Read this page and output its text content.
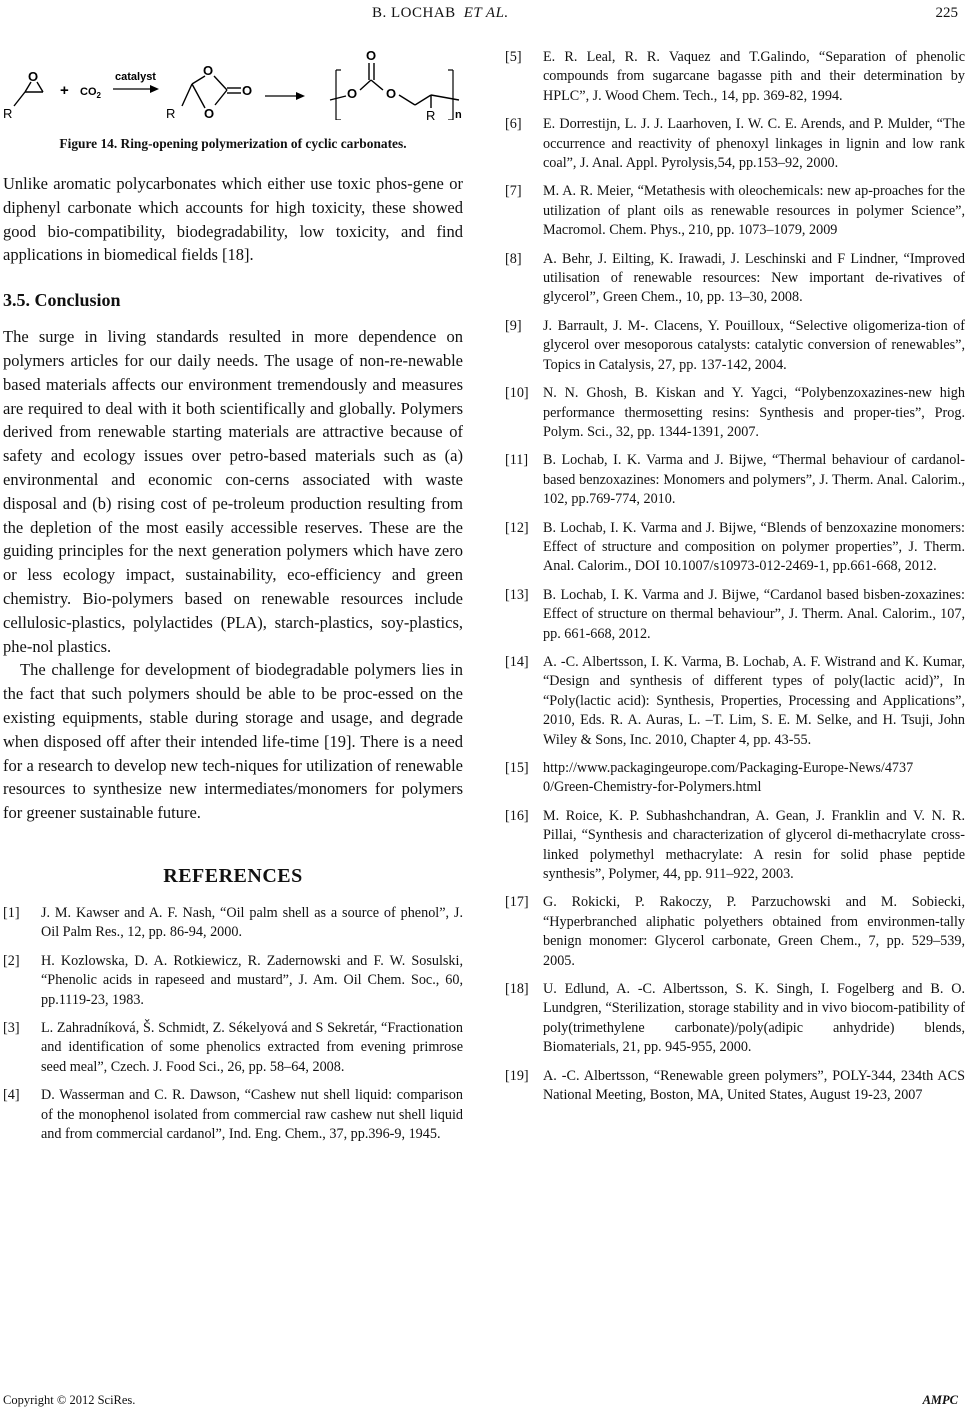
B. LOCHAB ET AL.	225
O
R
+ $CO_2$
catalyst	O
O
O
R
O
O O
R n
Figure 14. Ring-opening polymerization of cyclic carbonates.

Unlike aromatic polycarbonates which either use toxic phos-gene or diphenyl carbonate which accounts for high toxicity, these showed good bio-compatibility, biodegradability, low toxicity, and find applications in biomedical fields [18].

3.5. Conclusion

The surge in living standards resulted in more dependence on polymers articles for our daily needs. The usage of non-re-newable based materials affects our environment tremendously and measures are required to deal with it both scientifically and globally. Polymers derived from renewable starting materials are attractive because of safety and ecology issues over petro-based materials such as (a) environmental and economic con-cerns associated with waste disposal and (b) rising cost of pe-troleum production resulting from the depletion of the most easily accessible reserves. These are the guiding principles for the next generation polymers which have zero or less ecology impact, sustainability, eco-efficiency and green chemistry. Bio-polymers based on renewable resources include cellulosic-plastics, polylactides (PLA), starch-plastics, soy-plastics, phe-nol plastics.

The challenge for development of biodegradable polymers lies in the fact that such polymers should be able to be proc-essed on the existing equipments, stable during storage and usage, and degrade when disposed off after their intended life-time [19]. There is a need for a research to develop new tech-niques for utilization of renewable resources to synthesize new intermediates/monomers for polymers for greener sustainable future.

REFERENCES
[1]	J. M. Kawser and A. F. Nash, “Oil palm shell as a source of phenol”, J. Oil Palm Res., 12, pp. 86-94, 2000.
[2]	H. Kozlowska, D. A. Rotkiewicz, R. Zadernowski and F. W. Sosulski, “Phenolic acids in rapeseed and mustard”, J. Am. Oil Chem. Soc., 60, pp.1119-23, 1983.
[3]	L. Zahradníková, Š. Schmidt, Z. Sékelyová and S Sekretár, “Fractionation and identification of some phenolics extracted from evening primrose seed meal”, Czech. J. Food Sci., 26, pp. 58–64, 2008.
[4]	D. Wasserman and C. R. Dawson, “Cashew nut shell liquid: comparison of the monophenol isolated from commercial raw cashew nut shell liquid and from commercial cardanol”, Ind. Eng. Chem., 37, pp.396-9, 1945.
[5]	E. R. Leal, R. R. Vaquez and T.Galindo, “Separation of phenolic compounds from sugarcane bagasse pith and their determination by HPLC”, J. Wood Chem. Tech., 14, pp. 369-82, 1994.
[6]	E. Dorrestijn, L. J. J. Laarhoven, I. W. C. E. Arends, and P. Mulder, “The occurrence and reactivity of phenoxyl linkages in lignin and low rank coal”, J. Anal. Appl. Pyrolysis,54, pp.153–92, 2000.
[7]	M. A. R. Meier, “Metathesis with oleochemicals: new ap-proaches for the utilization of plant oils as renewable resources in polymer Science”, Macromol. Chem. Phys., 210, pp. 1073–1079, 2009
[8]	A. Behr, J. Eilting, K. Irawadi, J. Leschinski and F Lindner, “Improved utilisation of renewable resources: New important de-rivatives of glycerol”, Green Chem., 10, pp. 13–30, 2008.
[9]	J. Barrault, J. M-. Clacens, Y. Pouilloux, “Selective oligomeriza-tion of glycerol over mesoporous catalysts: catalytic conversion of renewables”, Topics in Catalysis, 27, pp. 137-142, 2004.
[10]	N. N. Ghosh, B. Kiskan and Y. Yagci, “Polybenzoxazines-new high performance thermosetting resins: Synthesis and proper-ties”, Prog. Polym. Sci., 32, pp. 1344-1391, 2007.
[11]	B. Lochab, I. K. Varma and J. Bijwe, “Thermal behaviour of cardanol-based benzoxazines: Monomers and polymers”, J. Therm. Anal. Calorim., 102, pp.769-774, 2010.
[12]	B. Lochab, I. K. Varma and J. Bijwe, “Blends of benzoxazine monomers: Effect of structure and composition on polymer properties”, J. Therm. Anal. Calorim., DOI 10.1007/s10973-012-2469-1, pp.661-668, 2012.
[13]	B. Lochab, I. K. Varma and J. Bijwe, “Cardanol based bisben-zoxazines: Effect of structure on thermal behaviour”, J. Therm. Anal. Calorim., 107, pp. 661-668, 2012.
[14]	A. -C. Albertsson, I. K. Varma, B. Lochab, A. F. Wistrand and K. Kumar, “Design and synthesis of different types of poly(lactic acid)”, In “Poly(lactic acid): Synthesis, Properties, Processing and Applications”, 2010, Eds. R. A. Auras, L. –T. Lim, S. E. M. Selke, and H. Tsuji, John Wiley & Sons, Inc. 2010, Chapter 4, pp. 43-55.
[15]	http://www.packagingeurope.com/Packaging-Europe-News/4737 0/Green-Chemistry-for-Polymers.html
[16]	M. Roice, K. P. Subhashchandran, A. Gean, J. Franklin and V. N. R. Pillai, “Synthesis and characterization of glycerol di-methacrylate cross-linked polymethyl methacrylate: A resin for solid phase peptide synthesis”, Polymer, 44, pp. 911–922, 2003.
[17]	G. Rokicki, P. Rakoczy, P. Parzuchowski and M. Sobiecki, “Hyperbranched aliphatic polyethers obtained from environmen-tally benign monomer: Glycerol carbonate, Green Chem., 7, pp. 529–539, 2005.
[18]	U. Edlund, A. -C. Albertsson, S. K. Singh, I. Fogelberg and B. O. Lundgren, “Sterilization, storage stability and in vivo biocom-patibility of poly(trimethylene carbonate)/poly(adipic anhydride) blends, Biomaterials, 21, pp. 945-955, 2000.
[19]	A. -C. Albertsson, “Renewable green polymers”, POLY-344, 234th ACS National Meeting, Boston, MA, United States, August 19-23, 2007
Copyright © 2012 SciRes.	AMPC
